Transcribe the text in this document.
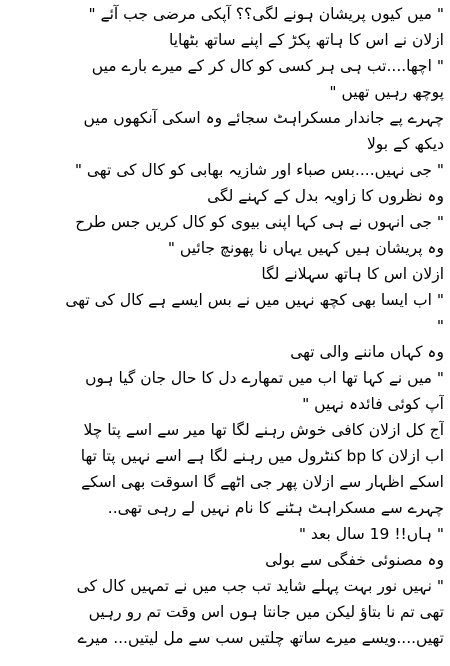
" میں کیوں پریشان ہونے لگی؟؟ آپکی مرضی جب آئے "
ازلان نے اس کا ہاتھ پکڑ کے اپنے ساتھ بٹھایا
" اچھا....تب ہی ہر کسی کو کال کر کے میرے بارے میں
پوچھ رہیں تھیں "
چہرے پے جاندار مسکراہٹ سجائے وہ اسکی آنکھوں میں
دیکھ کے بولا
" جی نہیں....بس صباء اور شازیہ بھابی کو کال کی تھی "
وہ نظروں کا زاویہ بدل کے کہنے لگی
" جی انہوں نے ہی کہا اپنی بیوی کو کال کریں جس طرح
وہ پریشان ہیں کہیں یہاں نا پھونچ جائیں "
ازلان اس کا ہاتھ سہلانے لگا
" اب ایسا بھی کچھ نہیں میں نے بس ایسے ہے کال کی تھی
"
وہ کہاں ماننے والی تھی
" میں نے کہا تھا اب میں تمھارے دل کا حال جان گیا ہوں
آپ کوئی فائدہ نہیں "
آج کل ازلان کافی خوش رہنے لگا تھا میر سے اسے پتا چلا
اب ازلان کا bp کنٹرول میں رہنے لگا ہے اسے نہیں پتا تھا
اسکے اظہار سے ازلان پھر جی اٹھے گا اسوقت بھی اسکے
چہرے سے مسکراہٹ ہٹنے کا نام نہیں لے رہی تھی..
" ہاں!! 19 سال بعد "
وہ مصنوئی خفگی سے بولی
" نہیں نور بہت پہلے شاید تب جب میں نے تمہیں کال کی
تھی تم نا بتاؤ لیکن میں جانتا ہوں اس وقت تم رو رہیں
تھیں....ویسے میرے ساتھ چلتیں سب سے مل لیتیں... میرے
